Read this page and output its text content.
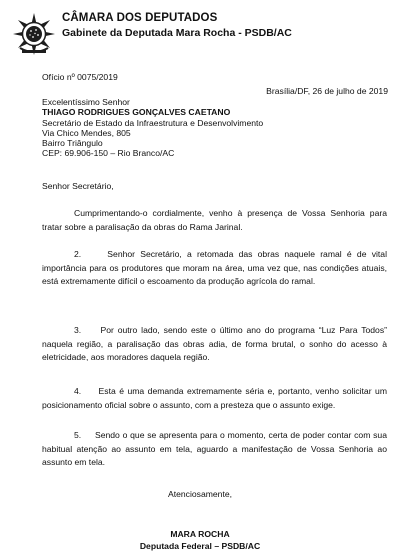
CÂMARA DOS DEPUTADOS
Gabinete da Deputada Mara Rocha - PSDB/AC
Ofício nº 0075/2019
Brasília/DF, 26 de julho de 2019
Excelentíssimo Senhor
THIAGO RODRIGUES GONÇALVES CAETANO
Secretário de Estado da Infraestrutura e Desenvolvimento
Via Chico Mendes, 805
Bairro Triângulo
CEP: 69.906-150 – Rio Branco/AC
Senhor Secretário,

Cumprimentando-o cordialmente, venho à presença de Vossa Senhoria para tratar sobre a paralisação da obras do Rama Jarinal.

2.     Senhor Secretário, a retomada das obras naquele ramal é de vital importância para os produtores que moram na área, uma vez que, nas condições atuais, está extremamente difícil o escoamento da produção agrícola do ramal.

3.     Por outro lado, sendo este o último ano do programa “Luz Para Todos” naquela região, a paralisação das obras adia, de forma brutal, o sonho do acesso à eletricidade, aos moradores daquela região.

4.     Esta é uma demanda extremamente séria e, portanto, venho solicitar um posicionamento oficial sobre o assunto, com a presteza que o assunto exige.

5.     Sendo o que se apresenta para o momento, certa de poder contar com sua habitual atenção ao assunto em tela, aguardo a manifestação de Vossa Senhoria ao assunto em tela.

Atenciosamente,
MARA ROCHA
Deputada Federal – PSDB/AC
